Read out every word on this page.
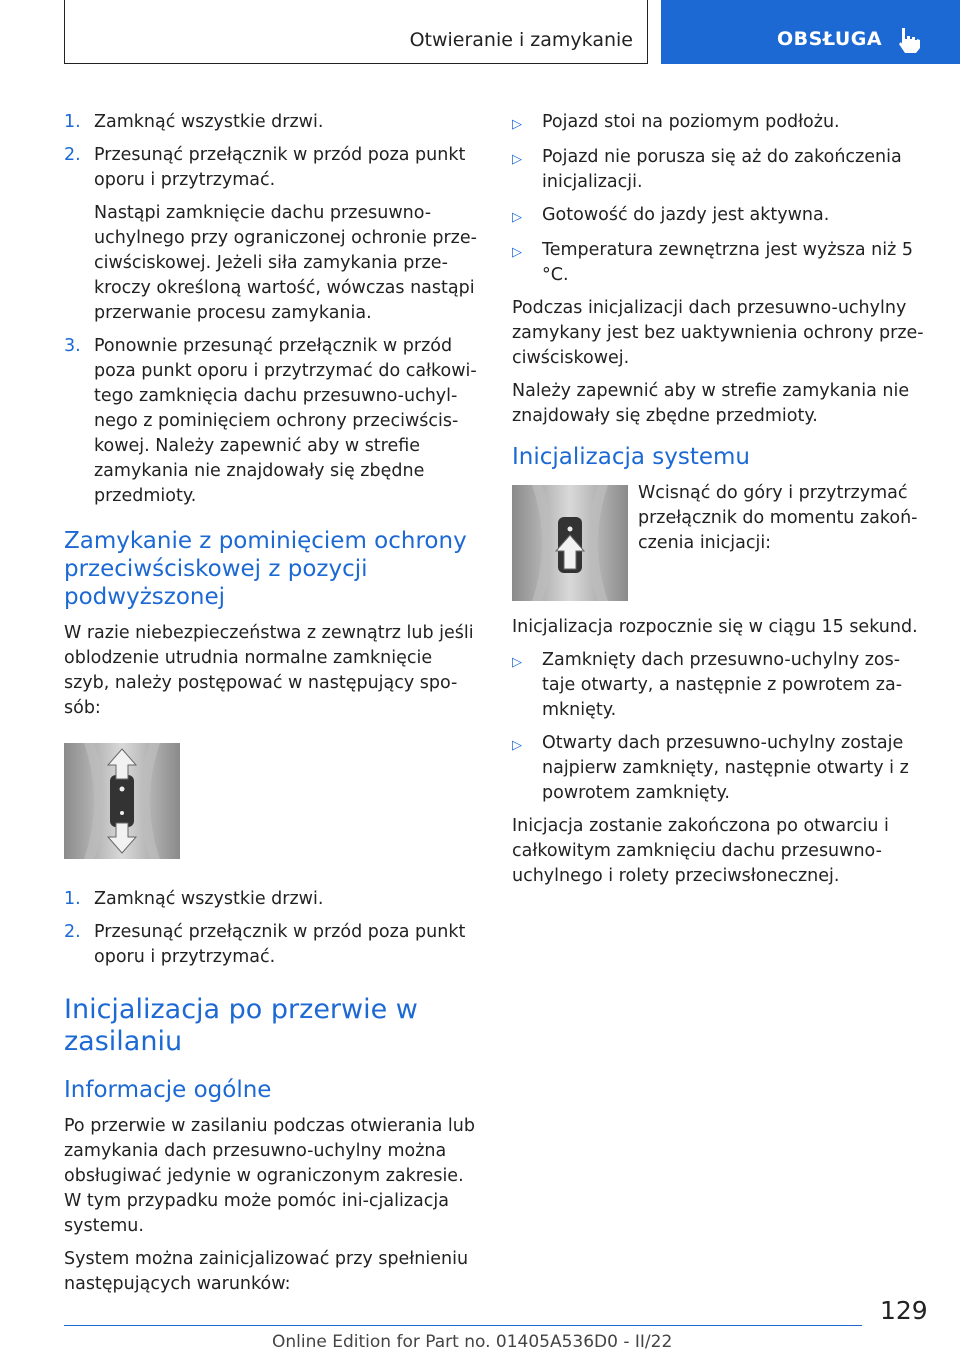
Otwieranie i zamykanie	OBSŁUGA
1. Zamknąć wszystkie drzwi.
2. Przesunąć przełącznik w przód poza punkt oporu i przytrzymać.
Nastąpi zamknięcie dachu przesuwno-uchylnego przy ograniczonej ochronie prze-ciwściskowej. Jeżeli siła zamykania prze-kroczy określoną wartość, wówczas nastąpi przerwanie procesu zamykania.
3. Ponownie przesunąć przełącznik w przód poza punkt oporu i przytrzymać do całkowi-tego zamknięcia dachu przesuwno-uchyl-nego z pominięciem ochrony przeciwścis-kowej. Należy zapewnić aby w strefie zamykania nie znajdowały się zbędne przedmioty.
Zamykanie z pominięciem ochrony przeciwściskowej z pozycji podwyższonej

W razie niebezpieczeństwa z zewnątrz lub jeśli oblodzenie utrudnia normalne zamknięcie szyb, należy postępować w następujący spo-sób:

1. Zamknąć wszystkie drzwi.
2. Przesunąć przełącznik w przód poza punkt oporu i przytrzymać.
Inicjalizacja po przerwie w zasilaniu
Informacje ogólne

Po przerwie w zasilaniu podczas otwierania lub zamykania dach przesuwno-uchylny można obsługiwać jedynie w ograniczonym zakresie. W tym przypadku może pomóc ini-cjalizacja systemu.

System można zainicjalizować przy spełnieniu następujących warunków:

▷	Pojazd stoi na poziomym podłożu.
▷	Pojazd nie porusza się aż do zakończenia inicjalizacji.
▷	Gotowość do jazdy jest aktywna.
▷	Temperatura zewnętrzna jest wyższa niż 5 °C.

Podczas inicjalizacji dach przesuwno-uchylny zamykany jest bez uaktywnienia ochrony prze-ciwściskowej.

Należy zapewnić aby w strefie zamykania nie znajdowały się zbędne przedmioty.

Inicjalizacja systemu

Wcisnąć do góry i przytrzymać przełącznik do momentu zakoń-czenia inicjacji:

Inicjalizacja rozpocznie się w ciągu 15 sekund.

▷	Zamknięty dach przesuwno-uchylny zos-taje otwarty, a następnie z powrotem za-mknięty.
▷	Otwarty dach przesuwno-uchylny zostaje najpierw zamknięty, następnie otwarty i z powrotem zamknięty.

Inicjacja zostanie zakończona po otwarciu i całkowitym zamknięciu dachu przesuwno-uchylnego i rolety przeciwsłonecznej.

129
Online Edition for Part no. 01405A536D0 - II/22
